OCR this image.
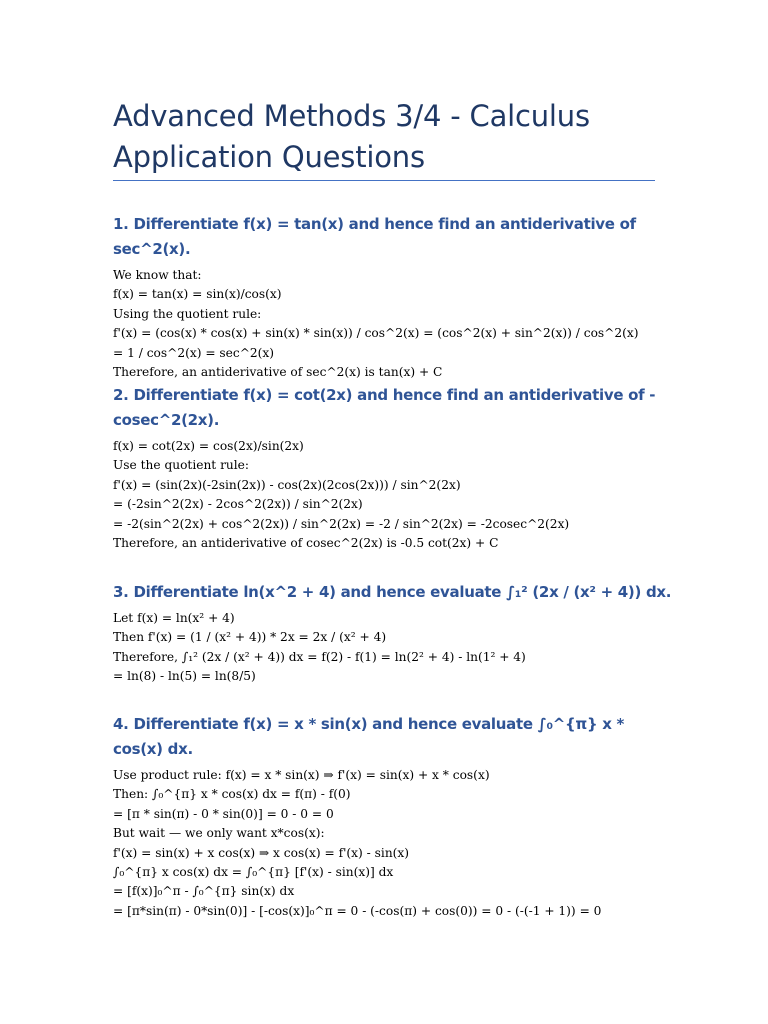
Advanced Methods 3/4 - Calculus Application Questions
1. Differentiate f(x) = tan(x) and hence find an antiderivative of sec^2(x).

We know that:

f(x) = tan(x) = sin(x)/cos(x)

Using the quotient rule:

f'(x) = (cos(x) * cos(x) + sin(x) * sin(x)) / cos^2(x) = (cos^2(x) + sin^2(x)) / cos^2(x)

= 1 / cos^2(x) = sec^2(x)

Therefore, an antiderivative of sec^2(x) is tan(x) + C

2. Differentiate f(x) = cot(2x) and hence find an antiderivative of -cosec^2(2x).

f(x) = cot(2x) = cos(2x)/sin(2x)

Use the quotient rule:

f'(x) = (sin(2x)(-2sin(2x)) - cos(2x)(2cos(2x))) / sin^2(2x)

= (-2sin^2(2x) - 2cos^2(2x)) / sin^2(2x)

= -2(sin^2(2x) + cos^2(2x)) / sin^2(2x) = -2 / sin^2(2x) = -2cosec^2(2x)

Therefore, an antiderivative of cosec^2(2x) is -0.5 cot(2x) + C

3. Differentiate ln(x^2 + 4) and hence evaluate ∫₁² (2x / (x² + 4)) dx.

Let f(x) = ln(x² + 4)

Then f'(x) = (1 / (x² + 4)) * 2x = 2x / (x² + 4)

Therefore, ∫₁² (2x / (x² + 4)) dx = f(2) - f(1) = ln(2² + 4) - ln(1² + 4)

= ln(8) - ln(5) = ln(8/5)

4. Differentiate f(x) = x * sin(x) and hence evaluate ∫₀^{π} x * cos(x) dx.

Use product rule: f(x) = x * sin(x) ⇒ f'(x) = sin(x) + x * cos(x)

Then: ∫₀^{π} x * cos(x) dx = f(π) - f(0)

= [π * sin(π) - 0 * sin(0)] = 0 - 0 = 0

But wait — we only want x*cos(x):

f'(x) = sin(x) + x cos(x) ⇒ x cos(x) = f'(x) - sin(x)

∫₀^{π} x cos(x) dx = ∫₀^{π} [f'(x) - sin(x)] dx

= [f(x)]₀^π - ∫₀^{π} sin(x) dx

= [π*sin(π) - 0*sin(0)] - [-cos(x)]₀^π = 0 - (-cos(π) + cos(0)) = 0 - (-(-1 + 1)) = 0
